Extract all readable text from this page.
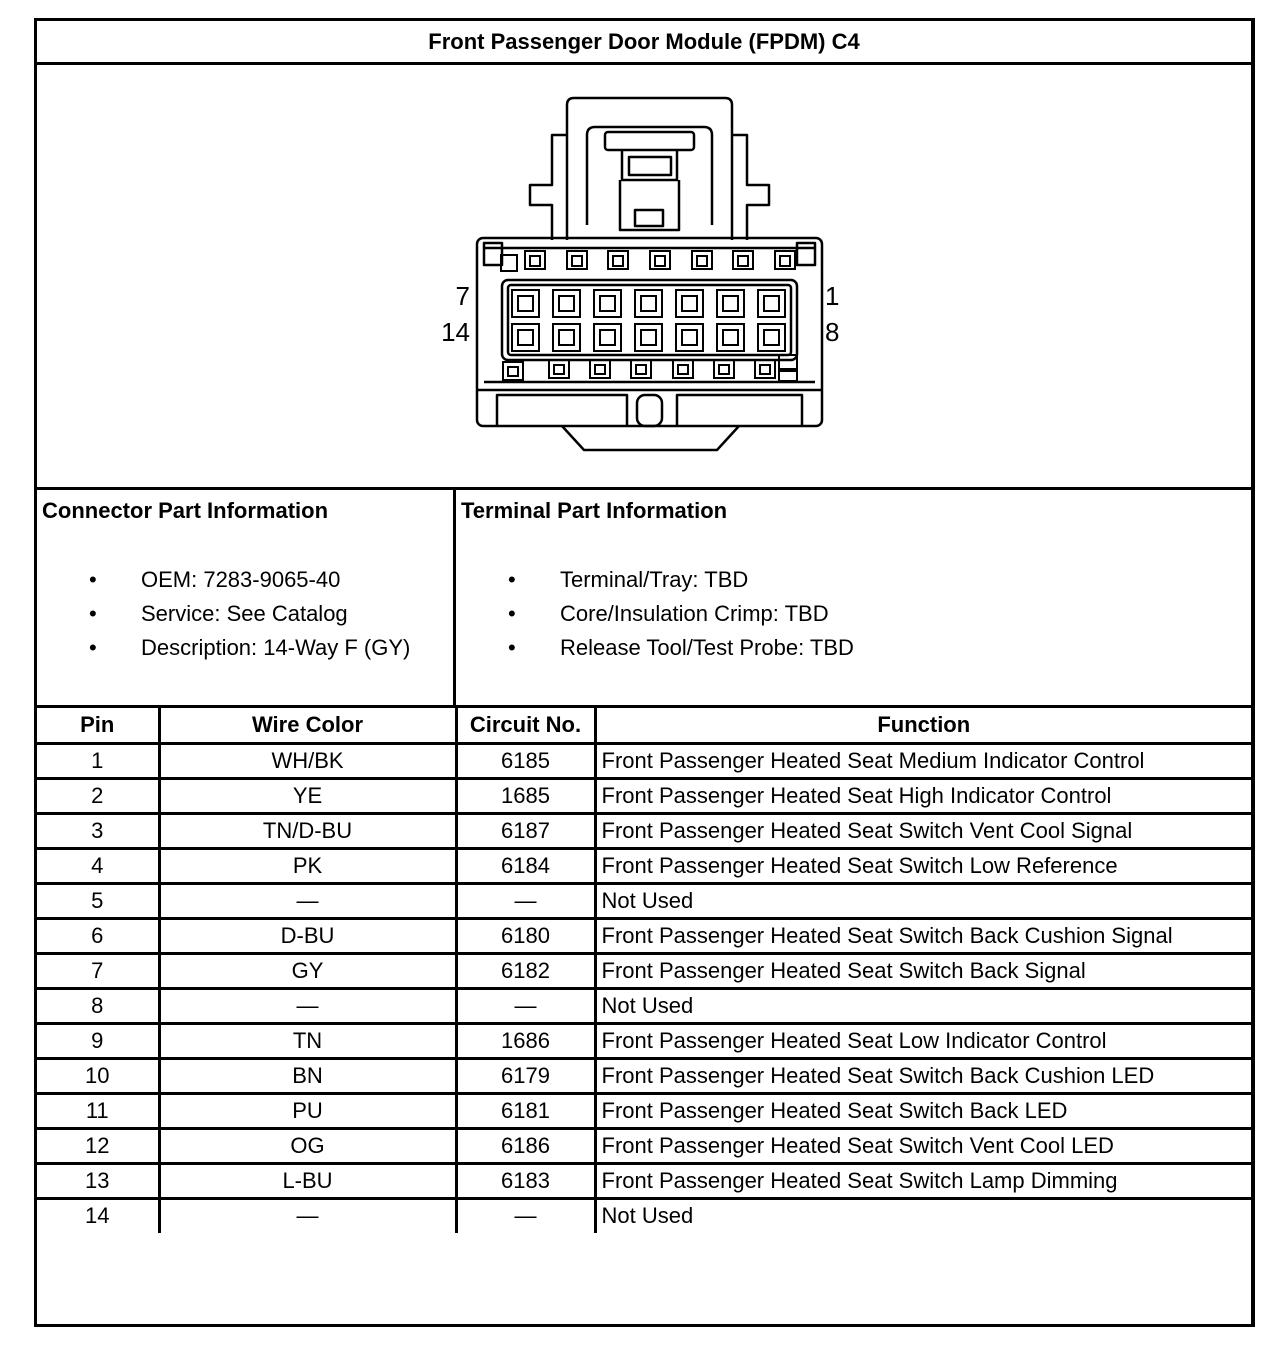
Front Passenger Door Module (FPDM) C4
7	1
14	8
Connector Part Information
• OEM: 7283-9065-40
• Service: See Catalog
• Description: 14-Way F (GY)
Terminal Part Information
• Terminal/Tray: TBD
• Core/Insulation Crimp: TBD
• Release Tool/Test Probe: TBD
Pin	Wire Color	Circuit No.	Function
1	WH/BK	6185	Front Passenger Heated Seat Medium Indicator Control
2	YE	1685	Front Passenger Heated Seat High Indicator Control
3	TN/D-BU	6187	Front Passenger Heated Seat Switch Vent Cool Signal
4	PK	6184	Front Passenger Heated Seat Switch Low Reference
5	—	—	Not Used
6	D-BU	6180	Front Passenger Heated Seat Switch Back Cushion Signal
7	GY	6182	Front Passenger Heated Seat Switch Back Signal
8	—	—	Not Used
9	TN	1686	Front Passenger Heated Seat Low Indicator Control
10	BN	6179	Front Passenger Heated Seat Switch Back Cushion LED
11	PU	6181	Front Passenger Heated Seat Switch Back LED
12	OG	6186	Front Passenger Heated Seat Switch Vent Cool LED
13	L-BU	6183	Front Passenger Heated Seat Switch Lamp Dimming
14	—	—	Not Used
